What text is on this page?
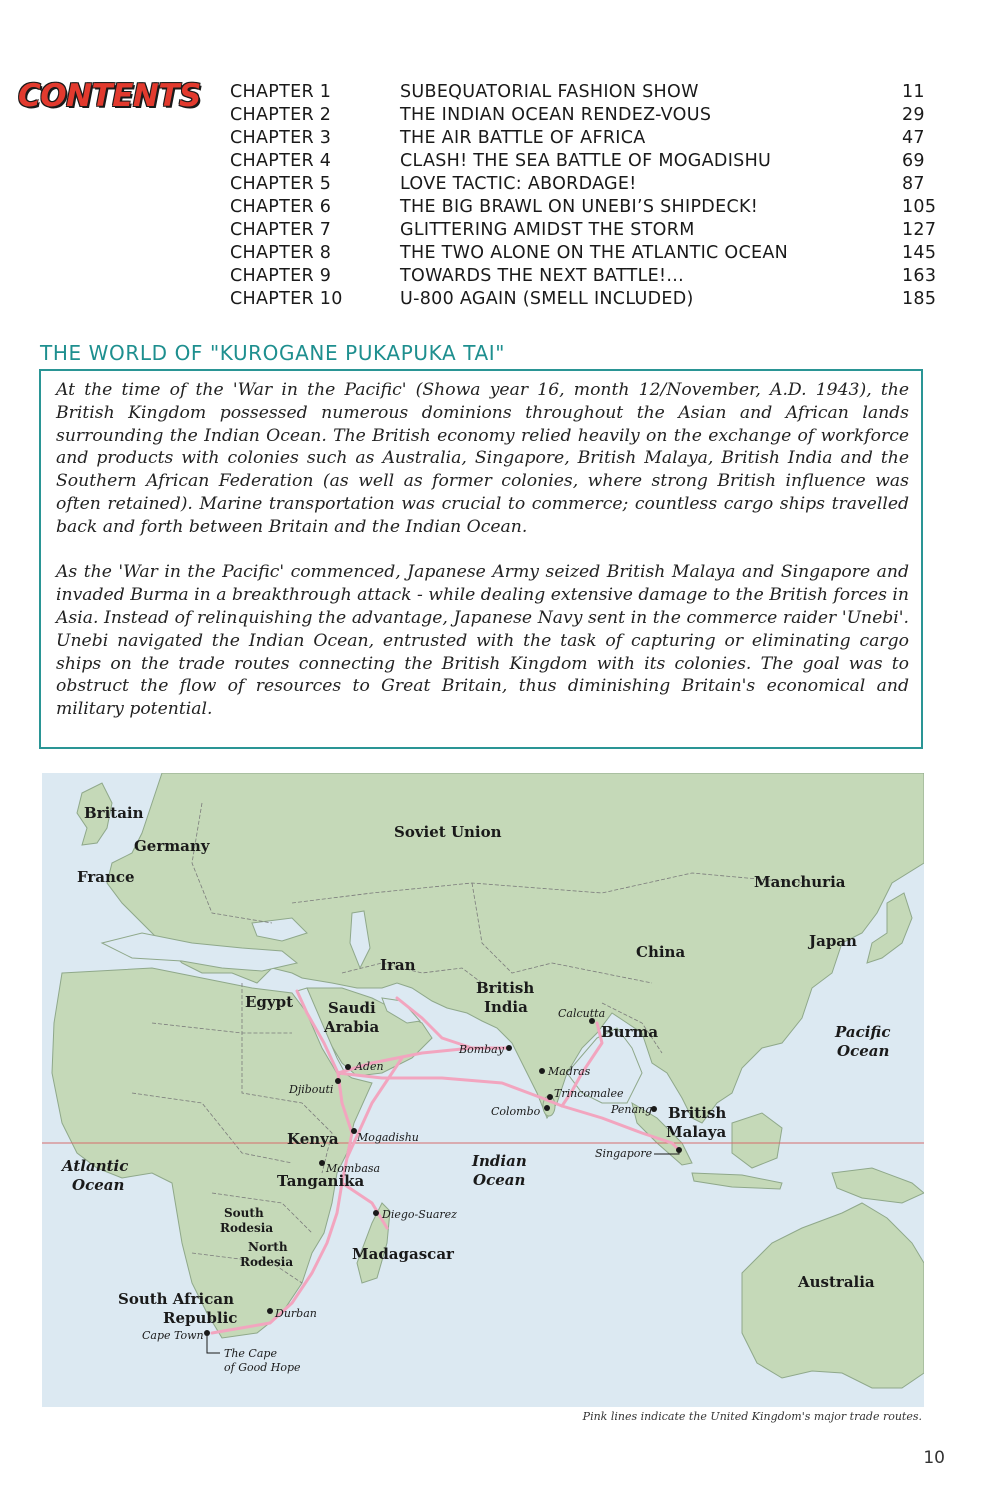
CONTENTS CHAPTER 1	SUBEQUATORIAL FASHION SHOW	11
CHAPTER 2	THE INDIAN OCEAN RENDEZ-VOUS	29
CHAPTER 3	THE AIR BATTLE OF AFRICA	47
CHAPTER 4	CLASH! THE SEA BATTLE OF MOGADISHU	69
CHAPTER 5	LOVE TACTIC: ABORDAGE!	87
CHAPTER 6	THE BIG BRAWL ON UNEBI’S SHIPDECK!	105
CHAPTER 7	GLITTERING AMIDST THE STORM	127
CHAPTER 8	THE TWO ALONE ON THE ATLANTIC OCEAN	145
CHAPTER 9	TOWARDS THE NEXT BATTLE!...	163
CHAPTER 10	U-800 AGAIN (SMELL INCLUDED)	185
THE WORLD OF "KUROGANE PUKAPUKA TAI"

At the time of the 'War in the Pacific' (Showa year 16, month 12/November, A.D. 1943), the British Kingdom possessed numerous dominions throughout the Asian and African lands surrounding the Indian Ocean. The British economy relied heavily on the exchange of workforce and products with colonies such as Australia, Singapore, British Malaya, British India and the Southern African Federation (as well as former colonies, where strong British influence was often retained). Marine transportation was crucial to commerce; countless cargo ships travelled back and forth between Britain and the Indian Ocean.

As the 'War in the Pacific' commenced, Japanese Army seized British Malaya and Singapore and invaded Burma in a breakthrough attack - while dealing extensive damage to the British forces in Asia. Instead of relinquishing the advantage, Japanese Navy sent in the commerce raider 'Unebi'. Unebi navigated the Indian Ocean, entrusted with the task of capturing or eliminating cargo ships on the trade routes connecting the British Kingdom with its colonies. The goal was to obstruct the flow of resources to Great Britain, thus diminishing Britain's economical and military potential.

Britain
Germany
France
Soviet Union
Manchuria
Japan
China
Iran
Egypt Saudi
Arabia
British
India
Burma
British
Malaya
Kenya
Tanganika
South
Rodesia
North
Rodesia	Madagascar
South African
Republic
Australia
Pacific
Ocean
Indian
Ocean
Atlantic
Ocean
Calcutta
Bombay
Madras
Trincomalee
Colombo
Aden
Djibouti
Mogadishu
Mombasa
Diego-Suarez
Penang
Singapore
Durban
Cape Town
The Cape
of Good Hope
Pink lines indicate the United Kingdom's major trade routes.
10
